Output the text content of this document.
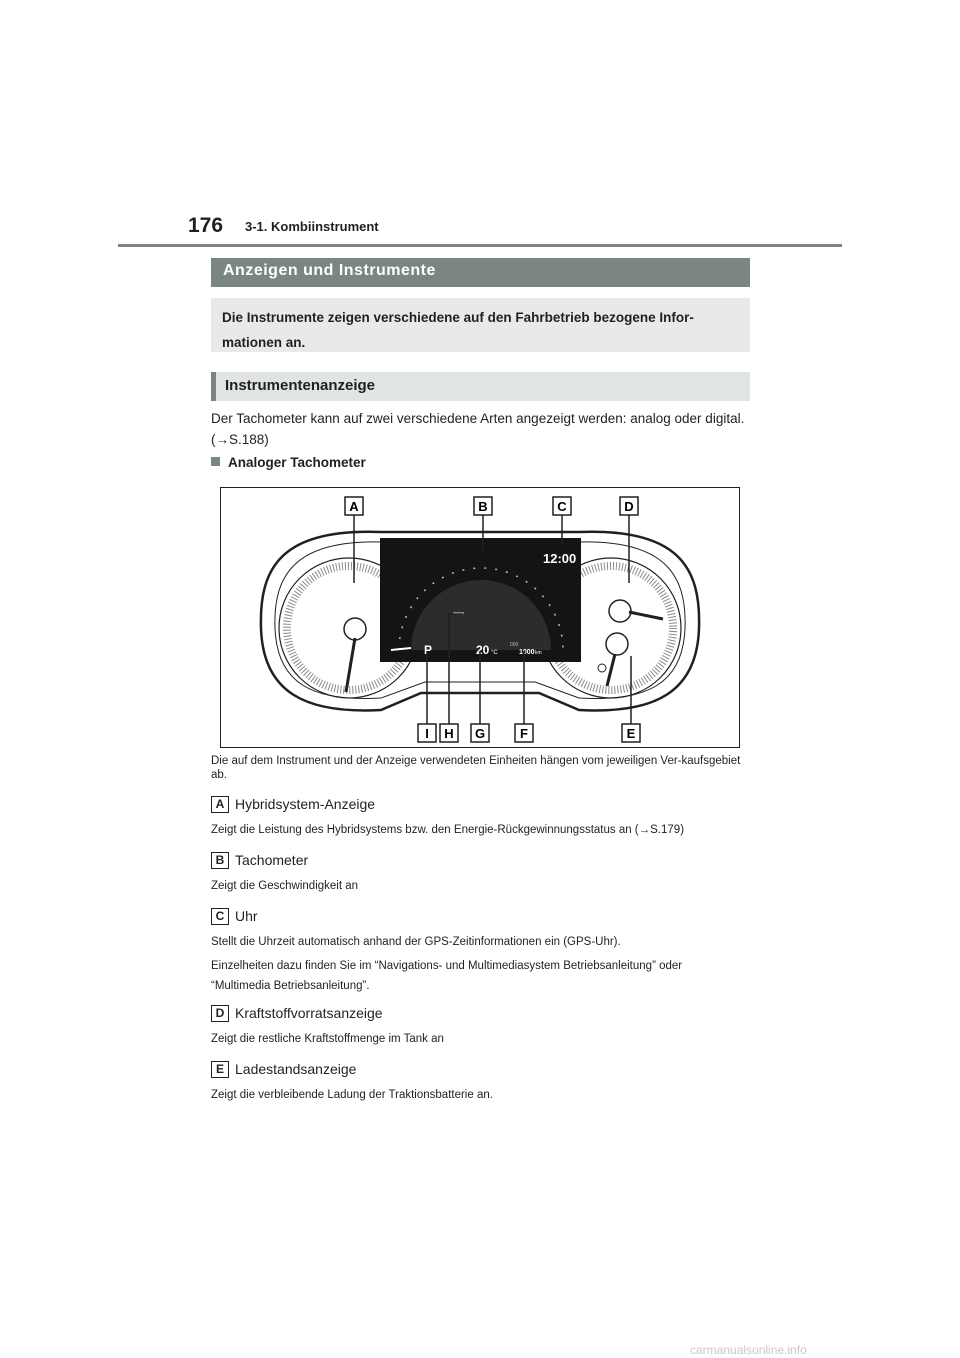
176 3-1. Kombiinstrument
Anzeigen und Instrumente
Die Instrumente zeigen verschiedene auf den Fahrbetrieb bezogene Infor-mationen an.
Instrumentenanzeige
Der Tachometer kann auf zwei verschiedene Arten angezeigt werden: analog oder digital. (→S.188)
Analoger Tachometer
12:00
P	20 °C
000
1000 km
A	B	C	D
I H G	F	E
Die auf dem Instrument und der Anzeige verwendeten Einheiten hängen vom jeweiligen Ver-kaufsgebiet ab.
A Hybridsystem-Anzeige
Zeigt die Leistung des Hybridsystems bzw. den Energie-Rückgewinnungsstatus an (→S.179)
B Tachometer
Zeigt die Geschwindigkeit an
C Uhr
Stellt die Uhrzeit automatisch anhand der GPS-Zeitinformationen ein (GPS-Uhr).
Einzelheiten dazu finden Sie im “Navigations- und Multimediasystem Betriebsanleitung” oder
“Multimedia Betriebsanleitung”.
D Kraftstoffvorratsanzeige
Zeigt die restliche Kraftstoffmenge im Tank an
E Ladestandsanzeige
Zeigt die verbleibende Ladung der Traktionsbatterie an.
carmanualsonline.info
